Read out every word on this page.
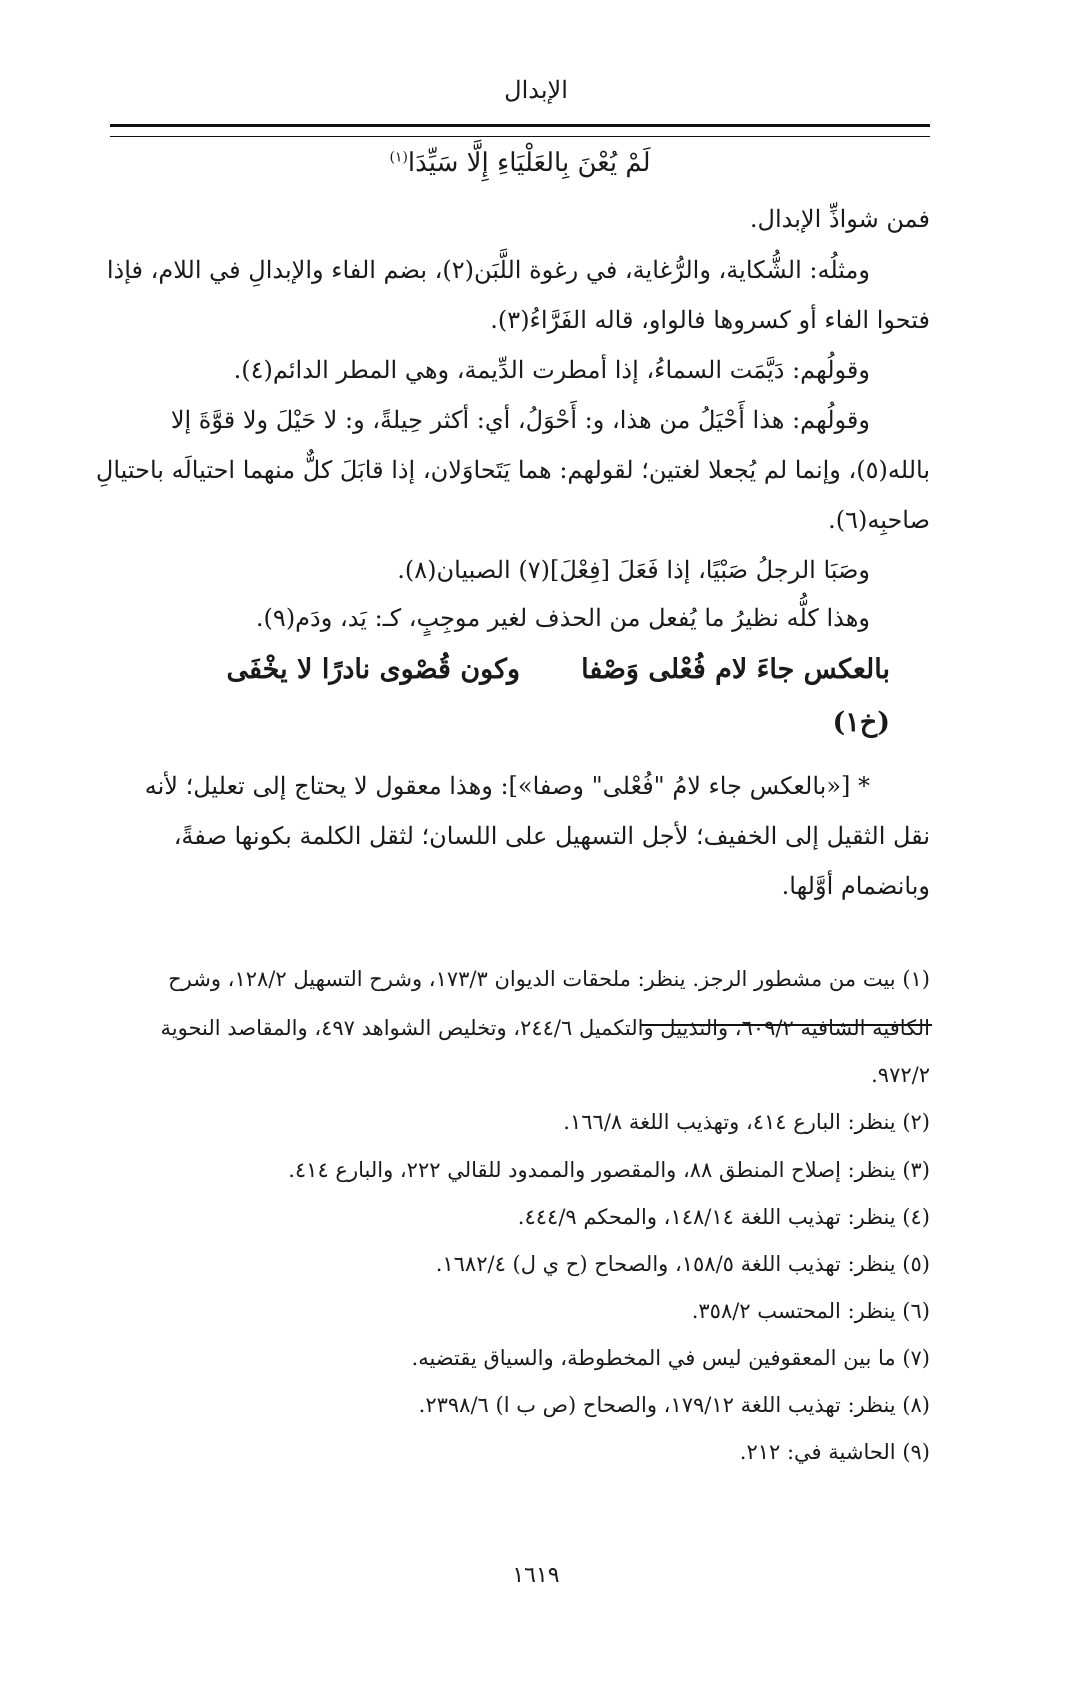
الإبدال
لَمْ يُعْنَ بِالعَلْيَاءِ إِلَّا سَيِّدَا$^{(١)}$
فمن شواذِّ الإبدال.
ومثلُه: الشُّكاية، والرُّغاية، في رغوة اللَّبَن(٢)، بضم الفاء والإبدالِ في اللام، فإذا
فتحوا الفاء أو كسروها فالواو، قاله الفَرَّاءُ(٣).
وقولُهم: دَيَّمَت السماءُ، إذا أمطرت الدِّيمة، وهي المطر الدائم(٤).
وقولُهم: هذا أَحْيَلُ من هذا، و: أَحْوَلُ، أي: أكثر حِيلةً، و: لا حَيْلَ ولا قوَّةَ إلا
بالله(٥)، وإنما لم يُجعلا لغتين؛ لقولهم: هما يَتَحاوَلان، إذا قابَلَ كلٌّ منهما احتيالَه باحتيالِ
صاحبِه(٦).
وصَبَا الرجلُ صَبْيًا، إذا فَعَلَ [فِعْلَ](٧) الصبيان(٨).
وهذا كلُّه نظيرُ ما يُفعل من الحذف لغير موجِبٍ، كـ: يَد، ودَم(٩).
بالعكس جاءَ لام فُعْلى وَصْفا
وكون قُصْوى نادرًا لا يخْفَى
(خ١)
* [«بالعكس جاء لامُ "فُعْلى" وصفا»]: وهذا معقول لا يحتاج إلى تعليل؛ لأنه
نقل الثقيل إلى الخفيف؛ لأجل التسهيل على اللسان؛ لثقل الكلمة بكونها صفةً،
وبانضمام أوَّلها.
(١) بيت من مشطور الرجز. ينظر: ملحقات الديوان ١٧٣/٣، وشرح التسهيل ١٢٨/٢، وشرح
الكافية الشافية ٦٠٩/٢، والتذييل والتكميل ٢٤٤/٦، وتخليص الشواهد ٤٩٧، والمقاصد النحوية
٩٧٢/٢.
(٢) ينظر: البارع ٤١٤، وتهذيب اللغة ١٦٦/٨.
(٣) ينظر: إصلاح المنطق ٨٨، والمقصور والممدود للقالي ٢٢٢، والبارع ٤١٤.
(٤) ينظر: تهذيب اللغة ١٤٨/١٤، والمحكم ٤٤٤/٩.
(٥) ينظر: تهذيب اللغة ١٥٨/٥، والصحاح (ح ي ل) ١٦٨٢/٤.
(٦) ينظر: المحتسب ٣٥٨/٢.
(٧) ما بين المعقوفين ليس في المخطوطة، والسياق يقتضيه.
(٨) ينظر: تهذيب اللغة ١٧٩/١٢، والصحاح (ص ب ا) ٢٣٩٨/٦.
(٩) الحاشية في: ٢١٢.
١٦١٩
